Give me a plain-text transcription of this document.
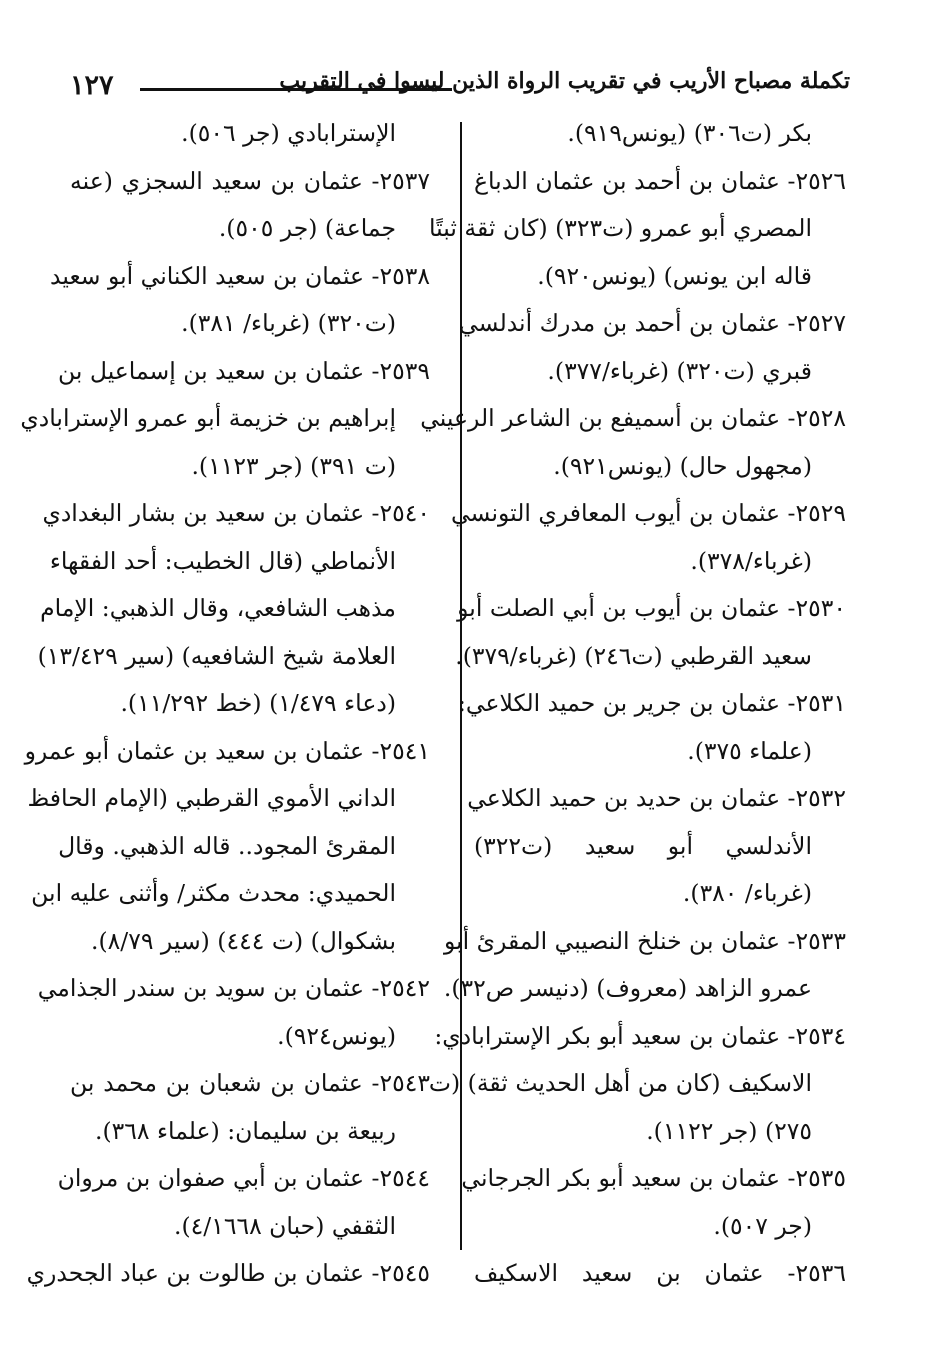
١٢٧	تكملة مصباح الأريب في تقريب الرواة الذين ليسوا في التقريب
بكر (ت٣٠٦) (يونس٩١٩).
٢٥٢٦- عثمان بن أحمد بن عثمان الدباغ
المصري أبو عمرو (ت٣٢٣) (كان ثقة ثبتًا
قاله ابن يونس) (يونس٩٢٠).
٢٥٢٧- عثمان بن أحمد بن مدرك أندلسي
قبري (ت٣٢٠) (غرباء/٣٧٧).
٢٥٢٨- عثمان بن أسميفع بن الشاعر الرعيني
(مجهول حال) (يونس٩٢١).
٢٥٢٩- عثمان بن أيوب المعافري التونسي
(غرباء/٣٧٨).
٢٥٣٠- عثمان بن أيوب بن أبي الصلت أبو
سعيد القرطبي (ت٢٤٦) (غرباء/٣٧٩).
٢٥٣١- عثمان بن جرير بن حميد الكلاعي:
(علماء ٣٧٥).
٢٥٣٢- عثمان بن حديد بن حميد الكلاعي
الأندلسي أبو سعيد (ت٣٢٢)
(غرباء/ ٣٨٠).
٢٥٣٣- عثمان بن خنلخ النصيبي المقرئ أبو
عمرو الزاهد (معروف) (دنيسر ص٣٢).
٢٥٣٤- عثمان بن سعيد أبو بكر الإسترابادي:
الاسكيف (كان من أهل الحديث ثقة) (ت
٢٧٥) (جر ١١٢٢).
٢٥٣٥- عثمان بن سعيد أبو بكر الجرجاني
(جر ٥٠٧).
٢٥٣٦- عثمان بن سعيد الاسكيف
الإسترابادي (جر ٥٠٦).
٢٥٣٧- عثمان بن سعيد السجزي (عنه
جماعة) (جر ٥٠٥).
٢٥٣٨- عثمان بن سعيد الكناني أبو سعيد
(ت٣٢٠) (غرباء/ ٣٨١).
٢٥٣٩- عثمان بن سعيد بن إسماعيل بن
إبراهيم بن خزيمة أبو عمرو الإسترابادي
(ت ٣٩١) (جر ١١٢٣).
٢٥٤٠- عثمان بن سعيد بن بشار البغدادي
الأنماطي (قال الخطيب: أحد الفقهاء
مذهب الشافعي، وقال الذهبي: الإمام
العلامة شيخ الشافعيه) (سير ١٣/٤٢٩)
(دعاء ١/٤٧٩) (خط ١١/٢٩٢).
٢٥٤١- عثمان بن سعيد بن عثمان أبو عمرو
الداني الأموي القرطبي (الإمام الحافظ
المقرئ المجود.. قاله الذهبي. وقال
الحميدي: محدث مكثر/ وأثنى عليه ابن
بشكوال) (ت ٤٤٤) (سير ٨/٧٩).
٢٥٤٢- عثمان بن سويد بن سندر الجذامي
(يونس٩٢٤).
٢٥٤٣- عثمان بن شعبان بن محمد بن
ربيعة بن سليمان: (علماء ٣٦٨).
٢٥٤٤- عثمان بن أبي صفوان بن مروان
الثقفي (حبان ٤/١٦٦٨).
٢٥٤٥- عثمان بن طالوت بن عباد الجحدري
